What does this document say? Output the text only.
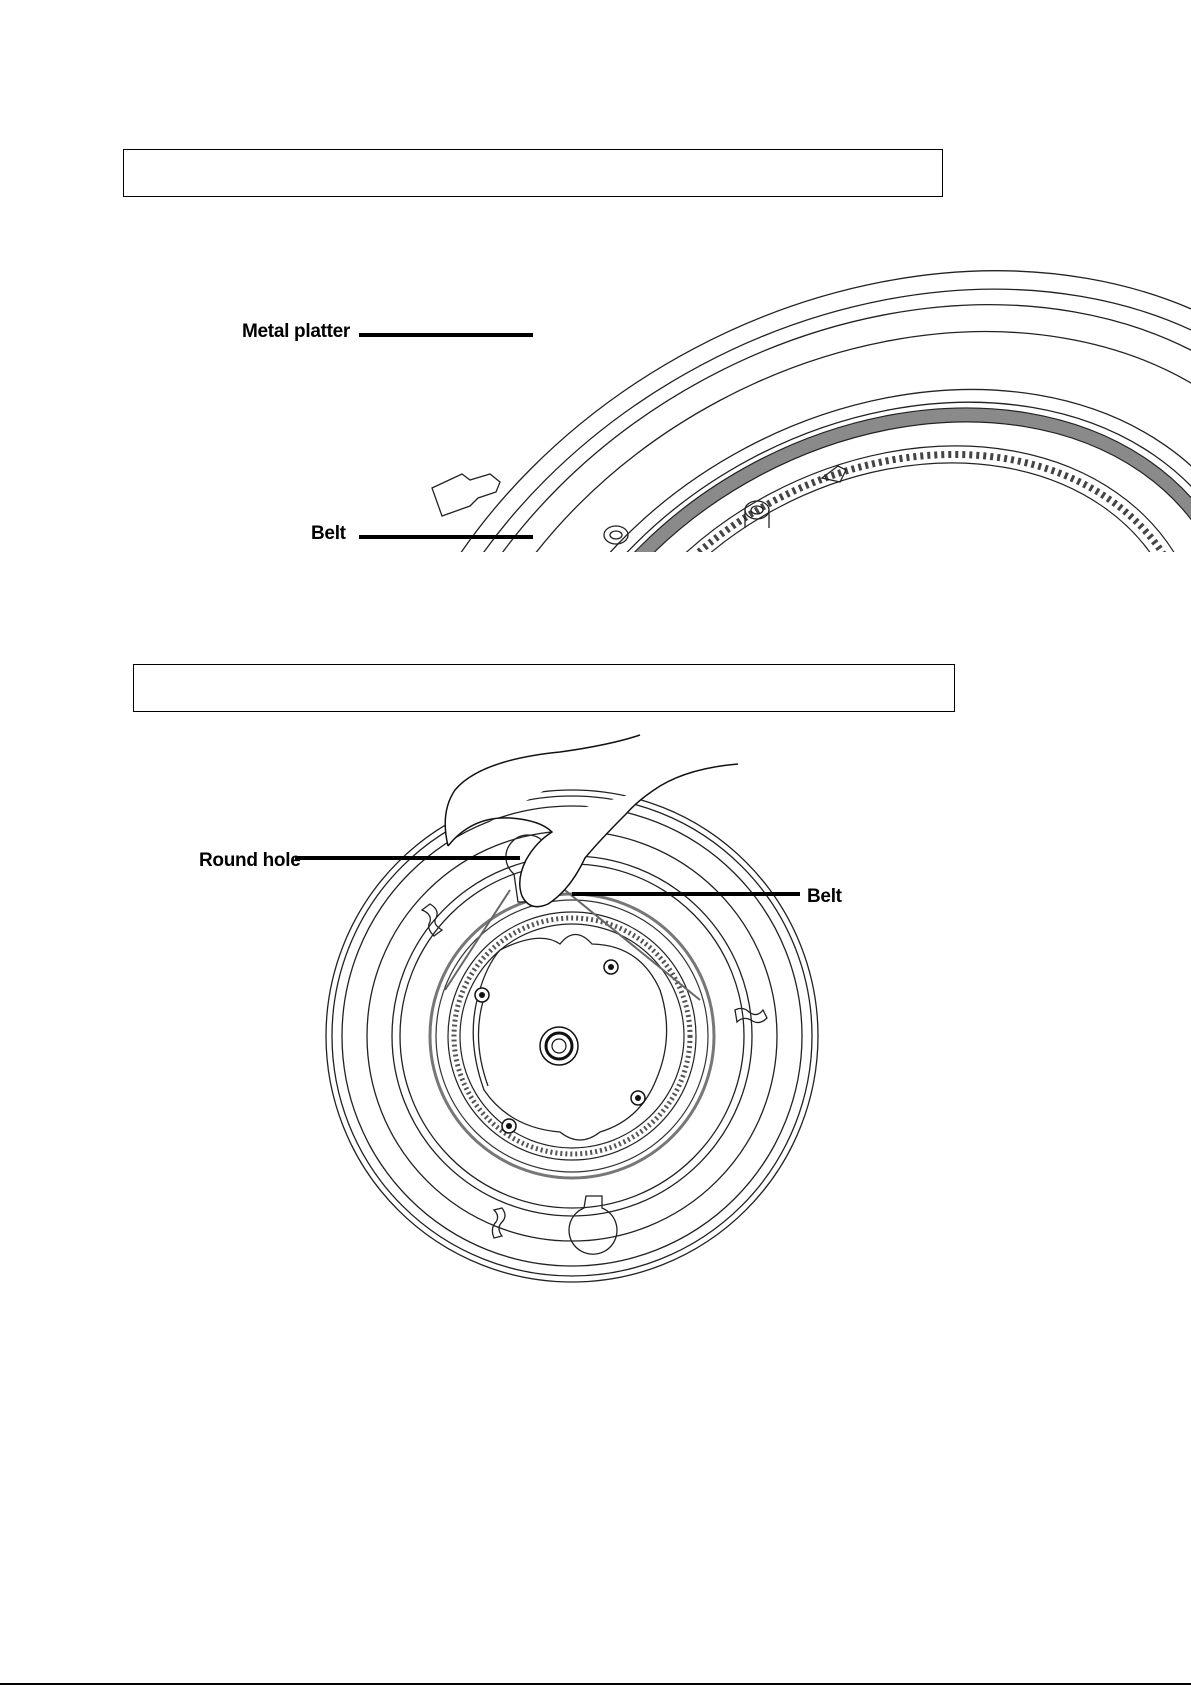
Metal platter
Belt
Round hole
Belt
